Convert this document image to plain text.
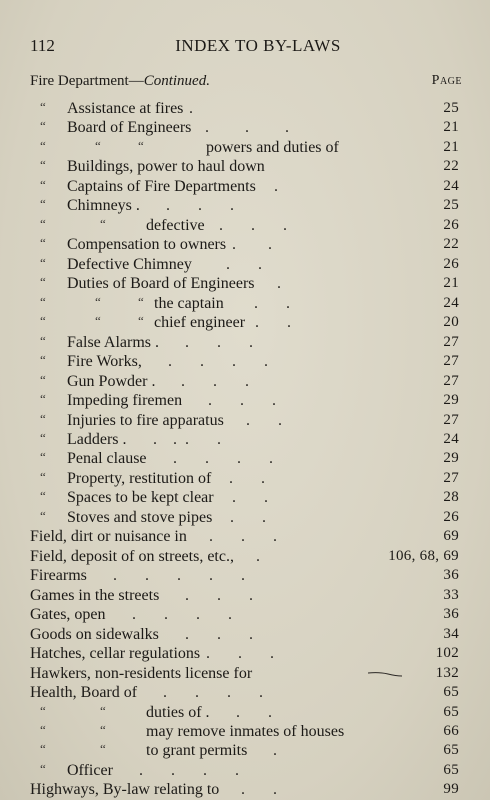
112	INDEX TO BY-LAWS
Fire Department—Continued.	Page
“ Assistance at fires .	25
“ Board of Engineers .         .         .	21
“	“	“	powers and duties of	21
“ Buildings, power to haul down	22
“ Captains of Fire Departments .	24
“ Chimneys . .       .       .	25
“	“	defective .       .       .	26
“ Compensation to owners .        .	22
“ Defective Chimney .       .	26
“ Duties of Board of Engineers .	21
“	“	“ the captain .       .	24
“	“	“ chief engineer .       .	20
“ False Alarms . .       .       .	27
“ Fire Works, .       .       .       .	27
“ Gun Powder . .       .       .	27
“ Impeding firemen .       .       .	29
“ Injuries to fire apparatus .       .	27
“ Ladders . .    .  .       .	24
“ Penal clause .       .       .       .	29
“ Property, restitution of .       .	27
“ Spaces to be kept clear .       .	28
“ Stoves and stove pipes .       .	26
Field, dirt or nuisance in .       .       .	69
Field, deposit of on streets, etc., .	106, 68, 69
Firearms .       .       .       .       .	36
Games in the streets .       .       .	33
Gates, open .       .       .       .	36
Goods on sidewalks .       .       .	34
Hatches, cellar regulations .       .       .	102
Hawkers, non-residents license for	132
Health, Board of .       .       .       .	65
“	“	duties of . .       .	65
“	“	may remove inmates of houses	66
“	“	to grant permits .	65
“ Officer .       .       .       .	65
Highways, By-law relating to .       .	99
